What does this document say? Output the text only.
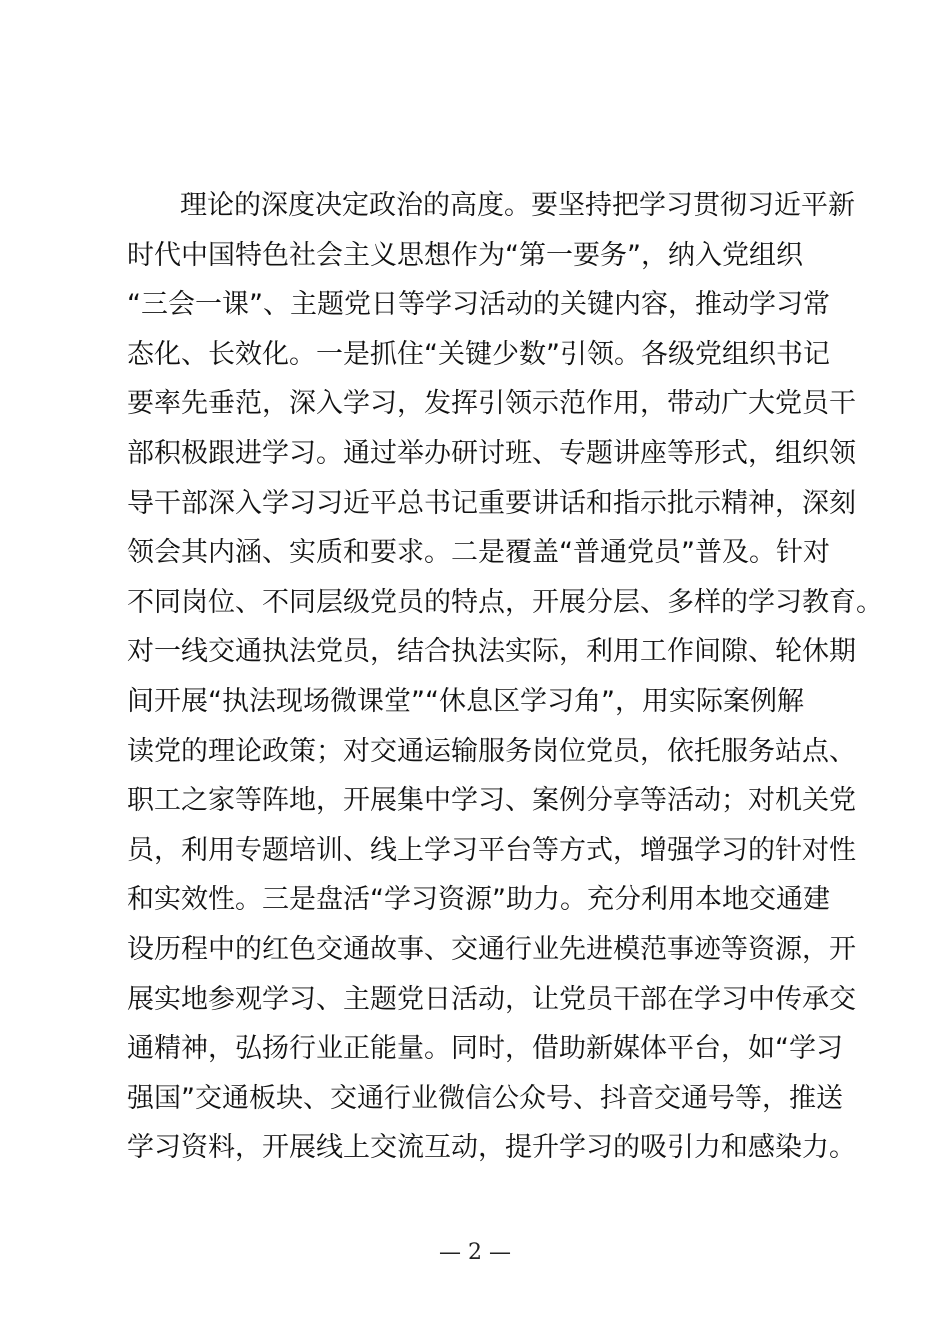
理论的深度决定政治的高度。要坚持把学习贯彻习近平新
时代中国特色社会主义思想作为“第一要务”，纳入党组织
“三会一课”、主题党日等学习活动的关键内容，推动学习常
态化、长效化。一是抓住“关键少数”引领。各级党组织书记
要率先垂范，深入学习，发挥引领示范作用，带动广大党员干
部积极跟进学习。通过举办研讨班、专题讲座等形式，组织领
导干部深入学习习近平总书记重要讲话和指示批示精神，深刻
领会其内涵、实质和要求。二是覆盖“普通党员”普及。针对
不同岗位、不同层级党员的特点，开展分层、多样的学习教育。
对一线交通执法党员，结合执法实际，利用工作间隙、轮休期
间开展“执法现场微课堂”“休息区学习角”，用实际案例解
读党的理论政策；对交通运输服务岗位党员，依托服务站点、
职工之家等阵地，开展集中学习、案例分享等活动；对机关党
员，利用专题培训、线上学习平台等方式，增强学习的针对性
和实效性。三是盘活“学习资源”助力。充分利用本地交通建
设历程中的红色交通故事、交通行业先进模范事迹等资源，开
展实地参观学习、主题党日活动，让党员干部在学习中传承交
通精神，弘扬行业正能量。同时，借助新媒体平台，如“学习
强国”交通板块、交通行业微信公众号、抖音交通号等，推送
学习资料，开展线上交流互动，提升学习的吸引力和感染力。
— 2 —
